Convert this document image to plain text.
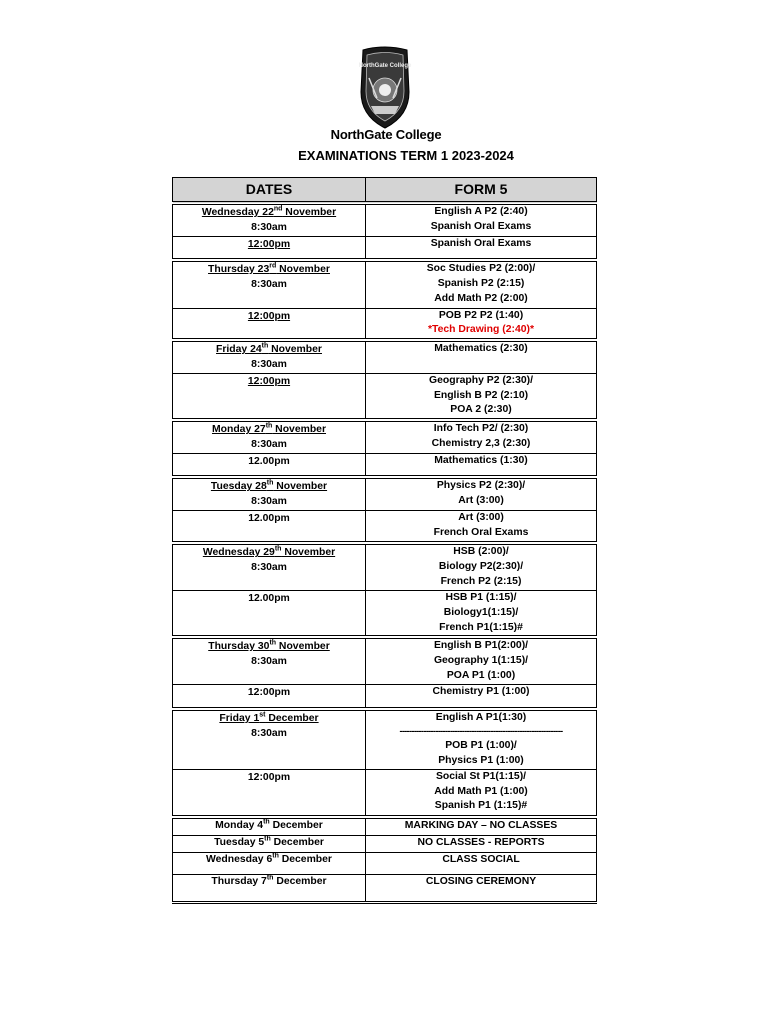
NorthGate College
NorthGate College
EXAMINATIONS TERM 1 2023-2024
DATES	FORM 5

Wednesday 22nd November
8:30am	English A P2 (2:40)
Spanish Oral Exams

12:00pm	Spanish Oral Exams

Thursday 23rd November
8:30am	Soc Studies P2 (2:00)/
Spanish P2 (2:15)
Add Math P2 (2:00)

12:00pm	POB P2 P2 (1:40)
*Tech Drawing (2:40)*

Friday 24th November
8:30am	Mathematics (2:30)

12:00pm	Geography P2 (2:30)/
English B P2 (2:10)
POA 2 (2:30)

Monday 27th November
8:30am	Info Tech P2/ (2:30)
Chemistry 2,3 (2:30)

12.00pm	Mathematics (1:30)

Tuesday 28th November
8:30am	Physics P2 (2:30)/
Art (3:00)

12.00pm	Art (3:00)
French Oral Exams

Wednesday 29th November
8:30am	HSB (2:00)/
Biology P2(2:30)/
French P2 (2:15)

12.00pm	HSB P1 (1:15)/
Biology1(1:15)/
French P1(1:15)#

Thursday 30th November
8:30am	English B P1(2:00)/
Geography 1(1:15)/
POA P1 (1:00)

12:00pm	Chemistry P1 (1:00)

Friday 1st December
8:30am	English A P1(1:30)
--------------------------------------------------------------------
POB P1 (1:00)/
Physics P1 (1:00)

12:00pm	Social St P1(1:15)/
Add Math P1 (1:00)
Spanish P1 (1:15)#

Monday 4th December	MARKING DAY – NO CLASSES

Tuesday 5th December	NO CLASSES - REPORTS

Wednesday 6th December	CLASS SOCIAL

Thursday 7th December	CLOSING CEREMONY
